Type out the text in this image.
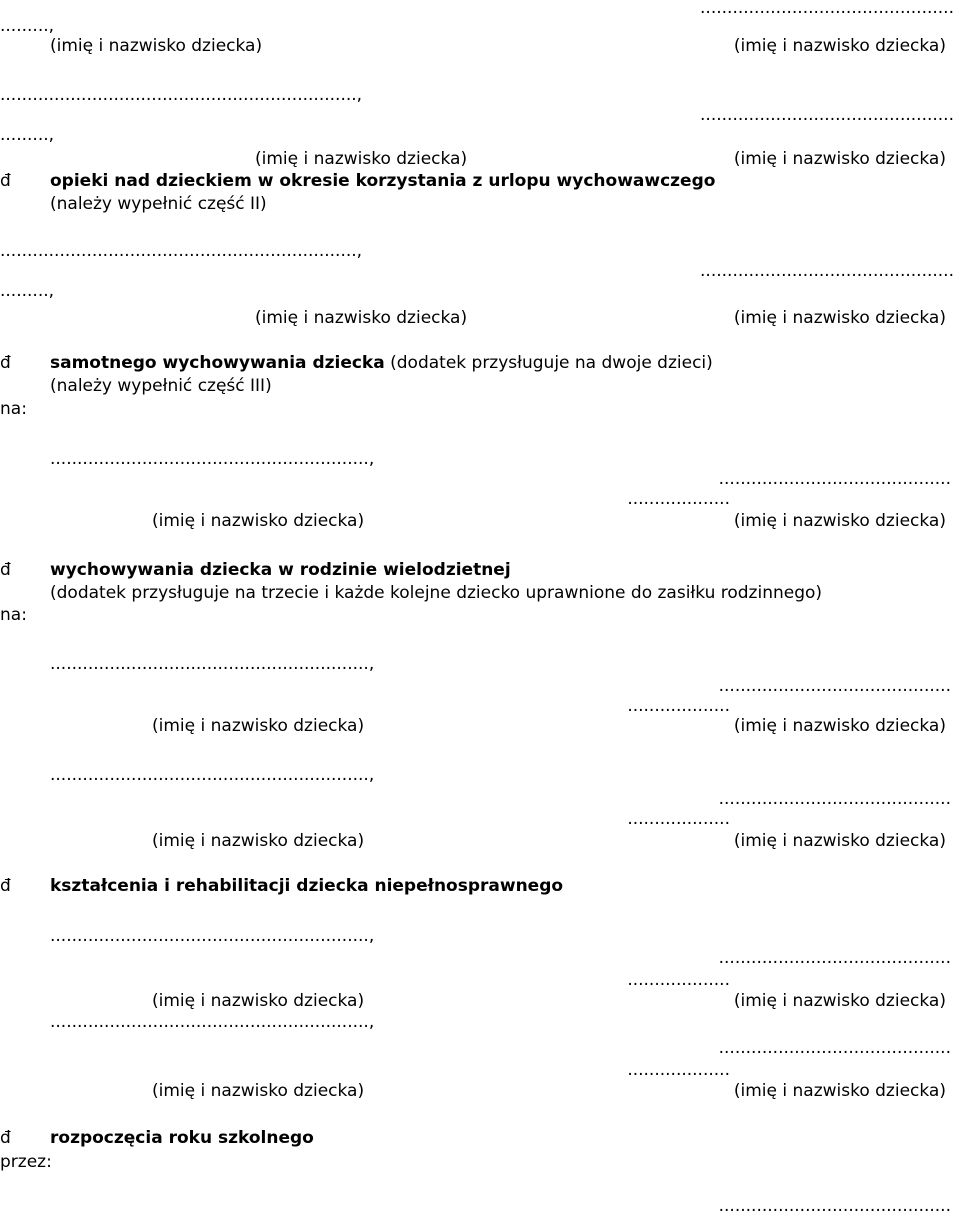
...............................................
.........,
(imię i nazwisko dziecka)	(imię i nazwisko dziecka)
..................................................................,
...............................................
.........,
(imię i nazwisko dziecka)	(imię i nazwisko dziecka)
đ opieki nad dzieckiem w okresie korzystania z urlopu wychowawczego
(należy wypełnić część II)
..................................................................,
...............................................
.........,
(imię i nazwisko dziecka)	(imię i nazwisko dziecka)
đ samotnego wychowywania dziecka (dodatek przysługuje na dwoje dzieci)
(należy wypełnić część III)
na:
...........................................................,
...........................................
...................
(imię i nazwisko dziecka)	(imię i nazwisko dziecka)
đ wychowywania dziecka w rodzinie wielodzietnej
(dodatek przysługuje na trzecie i każde kolejne dziecko uprawnione do zasiłku rodzinnego)
na:
...........................................................,
...........................................
...................
(imię i nazwisko dziecka)	(imię i nazwisko dziecka)
...........................................................,
...........................................
...................
(imię i nazwisko dziecka)	(imię i nazwisko dziecka)
đ kształcenia i rehabilitacji dziecka niepełnosprawnego
...........................................................,
...........................................
...................
(imię i nazwisko dziecka)	(imię i nazwisko dziecka)
...........................................................,
...........................................
...................
(imię i nazwisko dziecka)	(imię i nazwisko dziecka)
đ rozpoczęcia roku szkolnego
przez:
...........................................
